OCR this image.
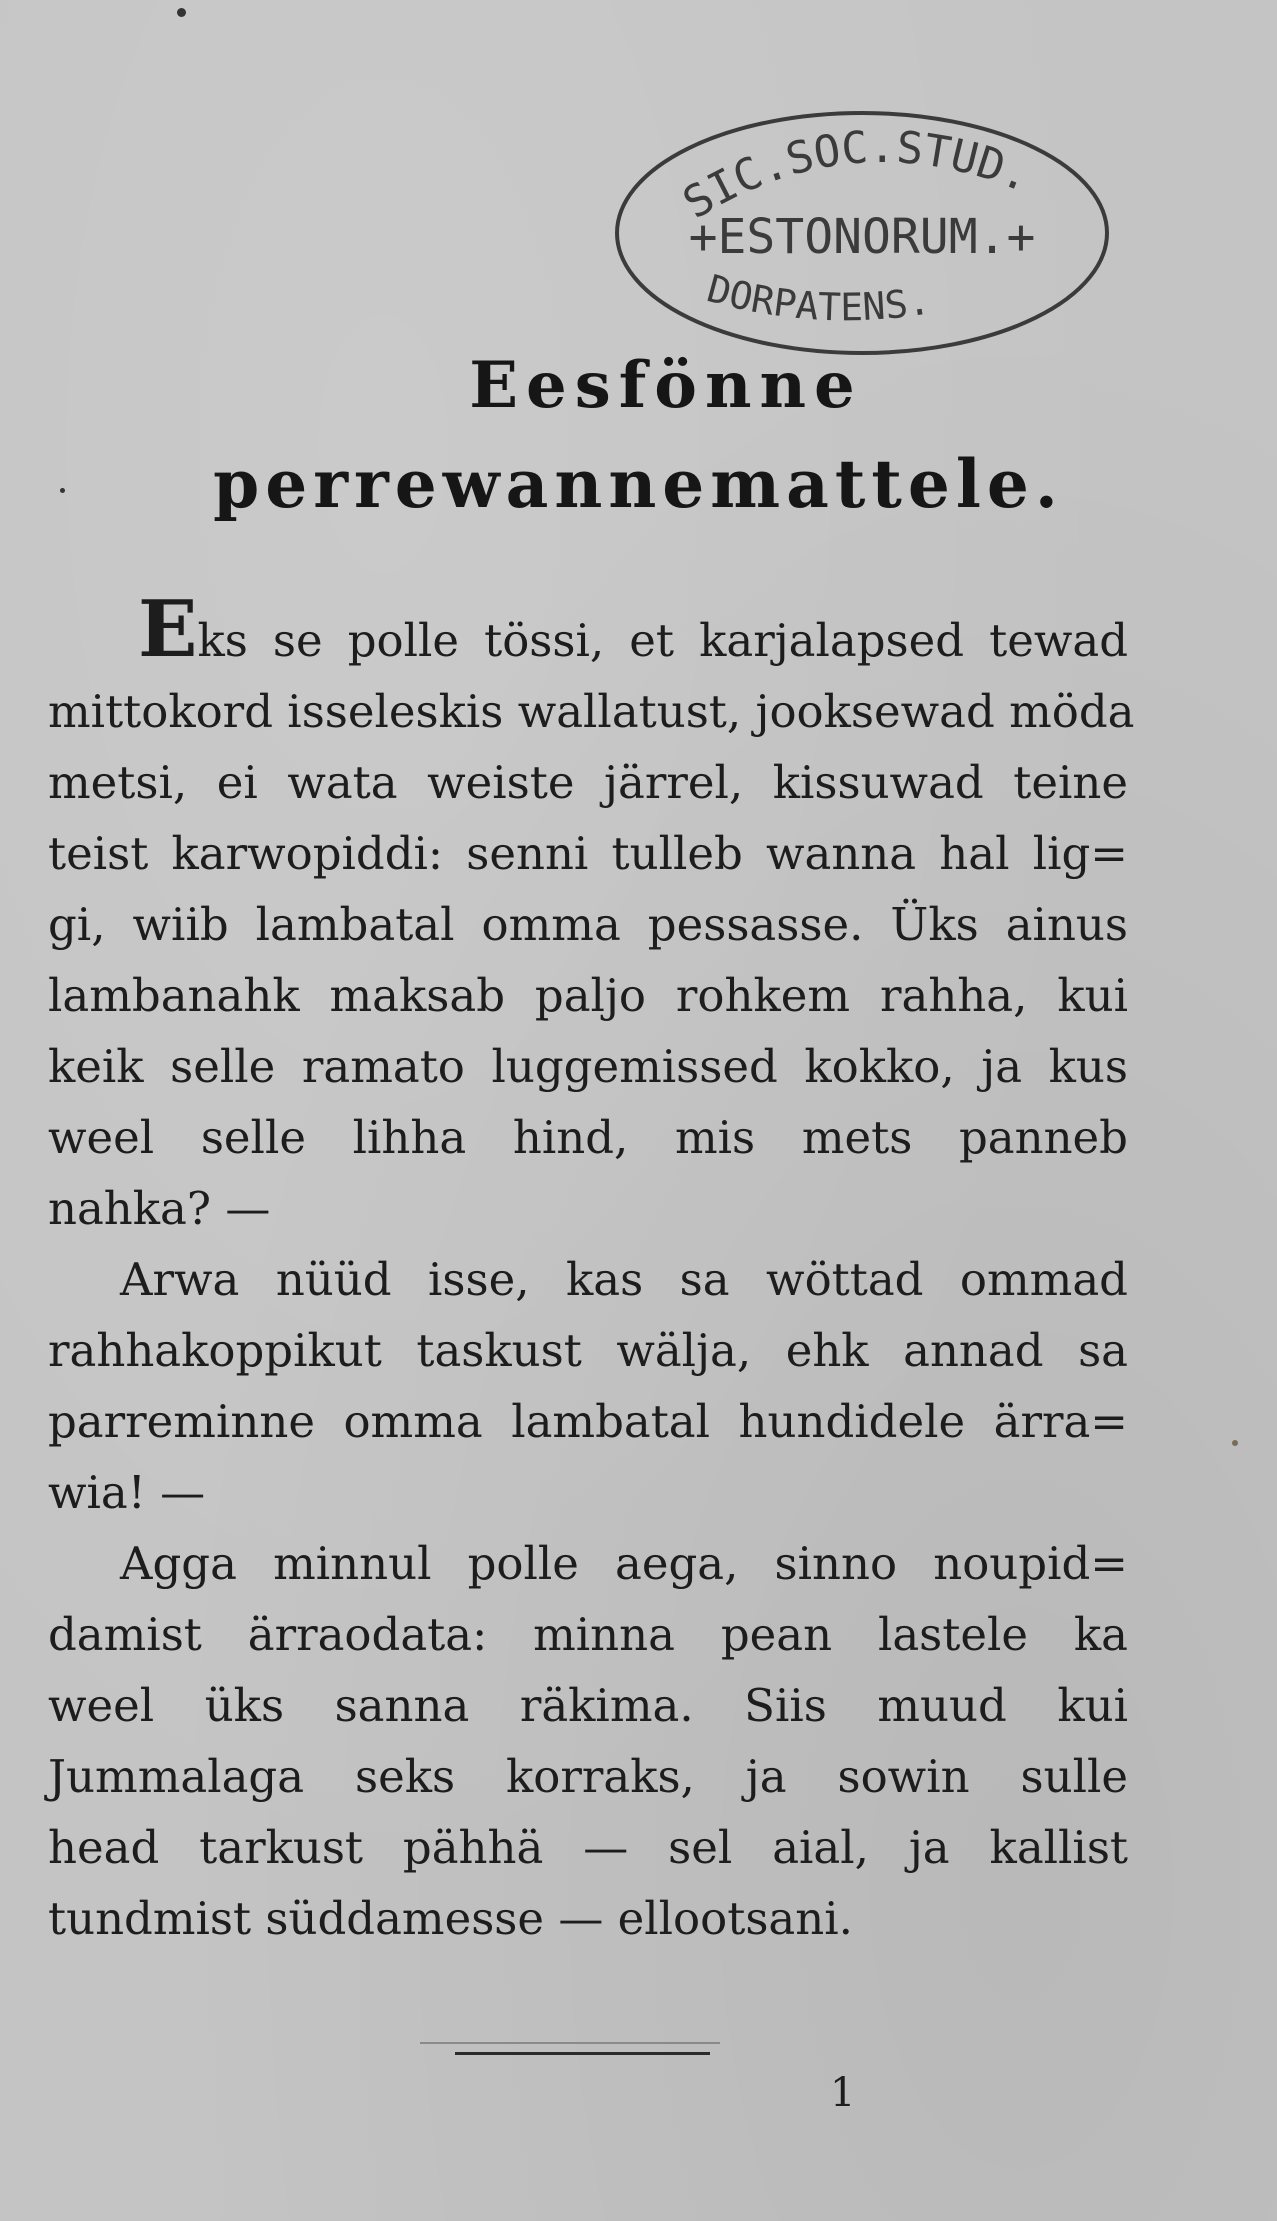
SIC.SOC.STUD.
+ESTONORUM.+
DORPATENS.
Eesfönne
perrewannemattele.
Eks se polle tössi, et karjalapsed tewad
mittokord isseleskis wallatust, jooksewad möda
metsi, ei wata weiste järrel, kissuwad teine
teist karwopiddi: senni tulleb wanna hal lig=
gi, wiib lambatal omma pessasse. Üks ainus
lambanahk maksab paljo rohkem rahha, kui
keik selle ramato luggemissed kokko, ja kus
weel selle lihha hind, mis mets panneb
nahka? —
Arwa nüüd isse, kas sa wöttad ommad
rahhakoppikut taskust wälja, ehk annad sa
parreminne omma lambatal hundidele ärra=
wia! —
Agga minnul polle aega, sinno noupid=
damist ärraodata: minna pean lastele ka
weel üks sanna räkima. Siis muud kui
Jummalaga seks korraks, ja sowin sulle
head tarkust pähhä — sel aial, ja kallist
tundmist süddamesse — ellootsani.
1
